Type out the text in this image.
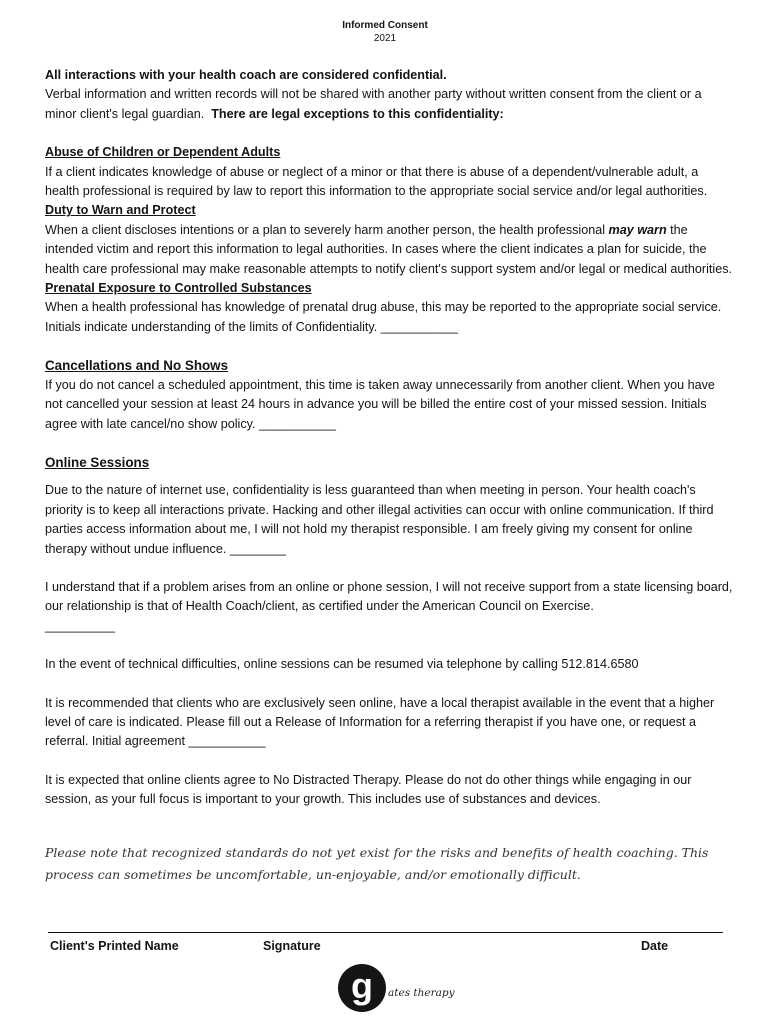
Informed Consent
2021

All interactions with your health coach are considered confidential.

Verbal information and written records will not be shared with another party without written consent from the client or a minor client's legal guardian. There are legal exceptions to this confidentiality:

Abuse of Children or Dependent Adults

If a client indicates knowledge of abuse or neglect of a minor or that there is abuse of a dependent/vulnerable adult, a health professional is required by law to report this information to the appropriate social service and/or legal authorities.

Duty to Warn and Protect

When a client discloses intentions or a plan to severely harm another person, the health professional may warn the intended victim and report this information to legal authorities. In cases where the client indicates a plan for suicide, the health care professional may make reasonable attempts to notify client's support system and/or legal or medical authorities.

Prenatal Exposure to Controlled Substances

When a health professional has knowledge of prenatal drug abuse, this may be reported to the appropriate social service. Initials indicate understanding of the limits of Confidentiality. ___________

Cancellations and No Shows

If you do not cancel a scheduled appointment, this time is taken away unnecessarily from another client. When you have not cancelled your session at least 24 hours in advance you will be billed the entire cost of your missed session. Initials agree with late cancel/no show policy. ___________

Online Sessions

Due to the nature of internet use, confidentiality is less guaranteed than when meeting in person. Your health coach's priority is to keep all interactions private. Hacking and other illegal activities can occur with online communication. If third parties access information about me, I will not hold my therapist responsible. I am freely giving my consent for online therapy without undue influence. ________

I understand that if a problem arises from an online or phone session, I will not receive support from a state licensing board, our relationship is that of Health Coach/client, as certified under the American Council on Exercise.

__________

In the event of technical difficulties, online sessions can be resumed via telephone by calling 512.814.6580

It is recommended that clients who are exclusively seen online, have a local therapist available in the event that a higher level of care is indicated. Please fill out a Release of Information for a referring therapist if you have one, or request a referral. Initial agreement ___________

It is expected that online clients agree to No Distracted Therapy. Please do not do other things while engaging in our session, as your full focus is important to your growth. This includes use of substances and devices.

Please note that recognized standards do not yet exist for the risks and benefits of health coaching. This process can sometimes be uncomfortable, un-enjoyable, and/or emotionally difficult.
Client's Printed Name	Signature	Date
g ates therapy
